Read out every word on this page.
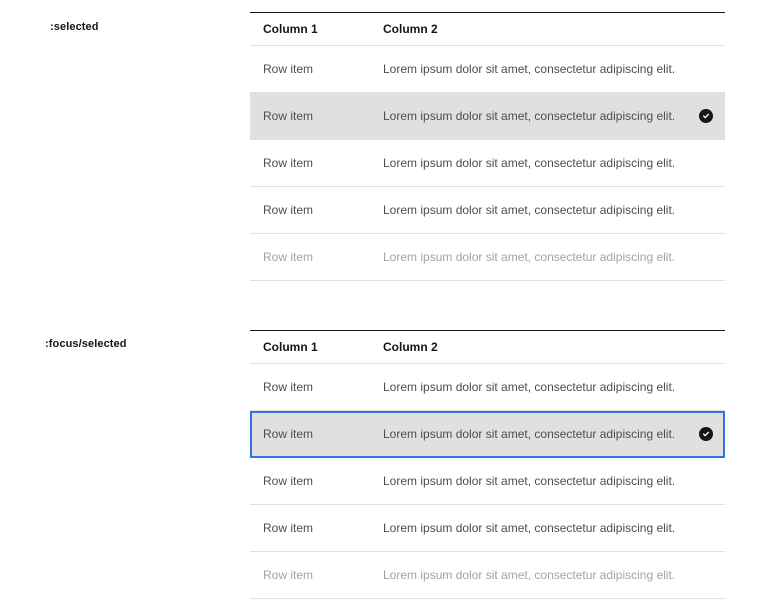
:selected	Column 1	Column 2
Row item	Lorem ipsum dolor sit amet, consectetur adipiscing elit.
Row item	Lorem ipsum dolor sit amet, consectetur adipiscing elit.
Row item	Lorem ipsum dolor sit amet, consectetur adipiscing elit.
Row item	Lorem ipsum dolor sit amet, consectetur adipiscing elit.
Row item	Lorem ipsum dolor sit amet, consectetur adipiscing elit.
:focus/selected	Column 1	Column 2
Row item	Lorem ipsum dolor sit amet, consectetur adipiscing elit.
Row item	Lorem ipsum dolor sit amet, consectetur adipiscing elit.
Row item	Lorem ipsum dolor sit amet, consectetur adipiscing elit.
Row item	Lorem ipsum dolor sit amet, consectetur adipiscing elit.
Row item	Lorem ipsum dolor sit amet, consectetur adipiscing elit.
